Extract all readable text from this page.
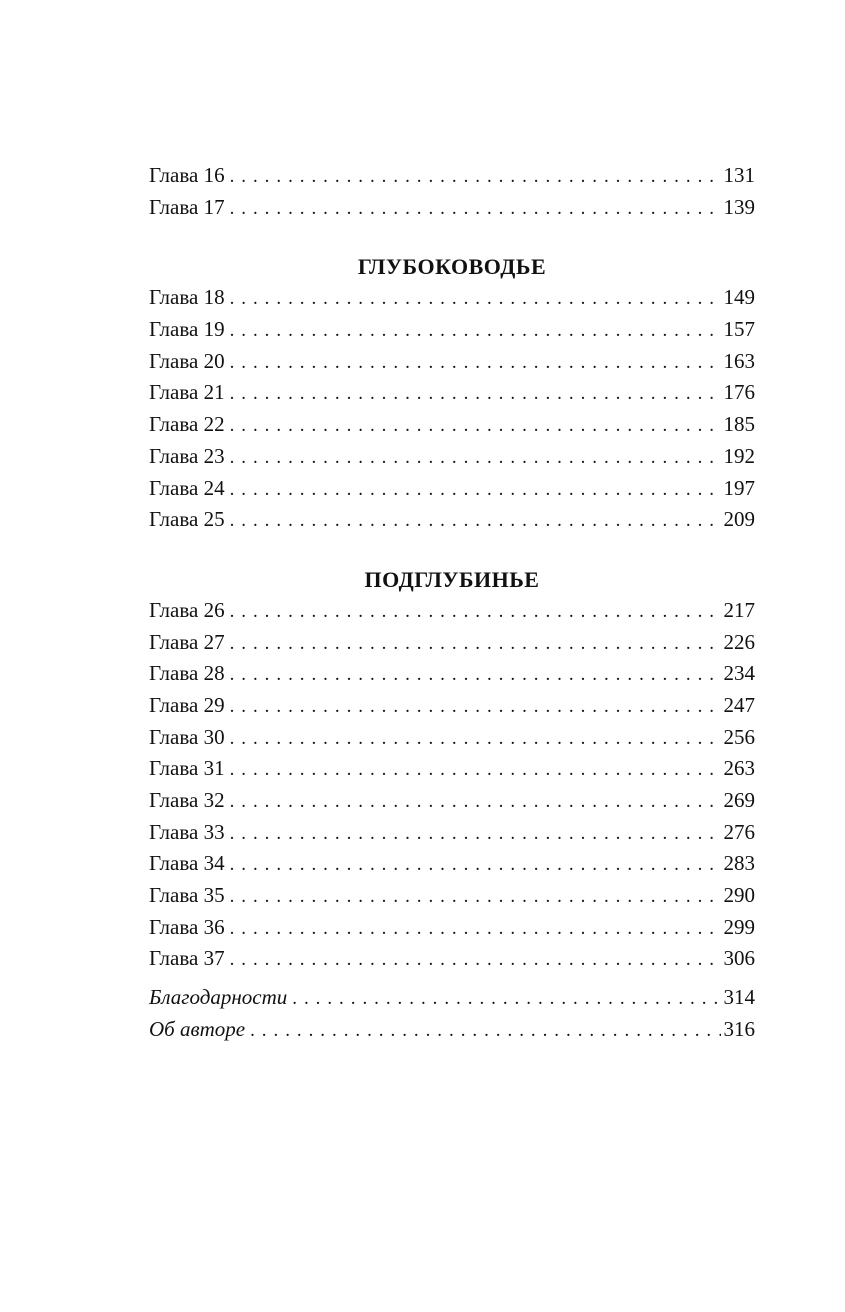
Глава 16 . . .	131
Глава 17 . . .	139
ГЛУБОКОВОДЬЕ
Глава 18 . . .	149
Глава 19 . . .	157
Глава 20 . . .	163
Глава 21 . . .	176
Глава 22 . . .	185
Глава 23 . . .	192
Глава 24 . . .	197
Глава 25 . . .	209
ПОДГЛУБИНЬЕ
Глава 26 . . .	217
Глава 27 . . .	226
Глава 28 . . .	234
Глава 29 . . .	247
Глава 30 . . .	256
Глава 31 . . .	263
Глава 32 . . .	269
Глава 33 . . .	276
Глава 34 . . .	283
Глава 35 . . .	290
Глава 36 . . .	299
Глава 37 . . .	306
Благодарности . . .	314
Об авторе . . .	316
